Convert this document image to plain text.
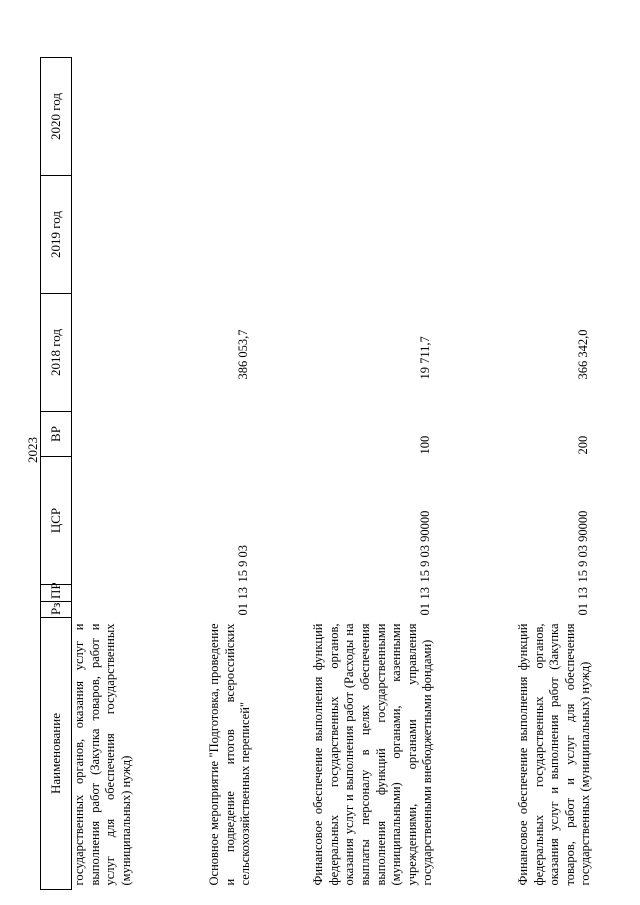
2023
Наименование	Рз	ПР	ЦСР	ВР	2018 год	2019 год	2020 год
государственных органов, оказания услуг и выполнения работ (Закупка товаров, работ и услуг для обеспечения государственных (муниципальных) нужд)							
Основное мероприятие "Подготовка, проведение и подведение итогов всероссийских сельскохозяйственных переписей"	01	13	15 9 03		386 053,7		
Финансовое обеспечение выполнения функций федеральных государственных органов, оказания услуг и выполнения работ (Расходы на выплаты персоналу в целях обеспечения выполнения функций государственными (муниципальными) органами, казенными учреждениями, органами управления государственными внебюджетными фондами)	01	13	15 9 03 90000	100	19 711,7		
Финансовое обеспечение выполнения функций федеральных государственных органов, оказания услуг и выполнения работ (Закупка товаров, работ и услуг для обеспечения государственных (муниципальных) нужд)	01	13	15 9 03 90000	200	366 342,0		
